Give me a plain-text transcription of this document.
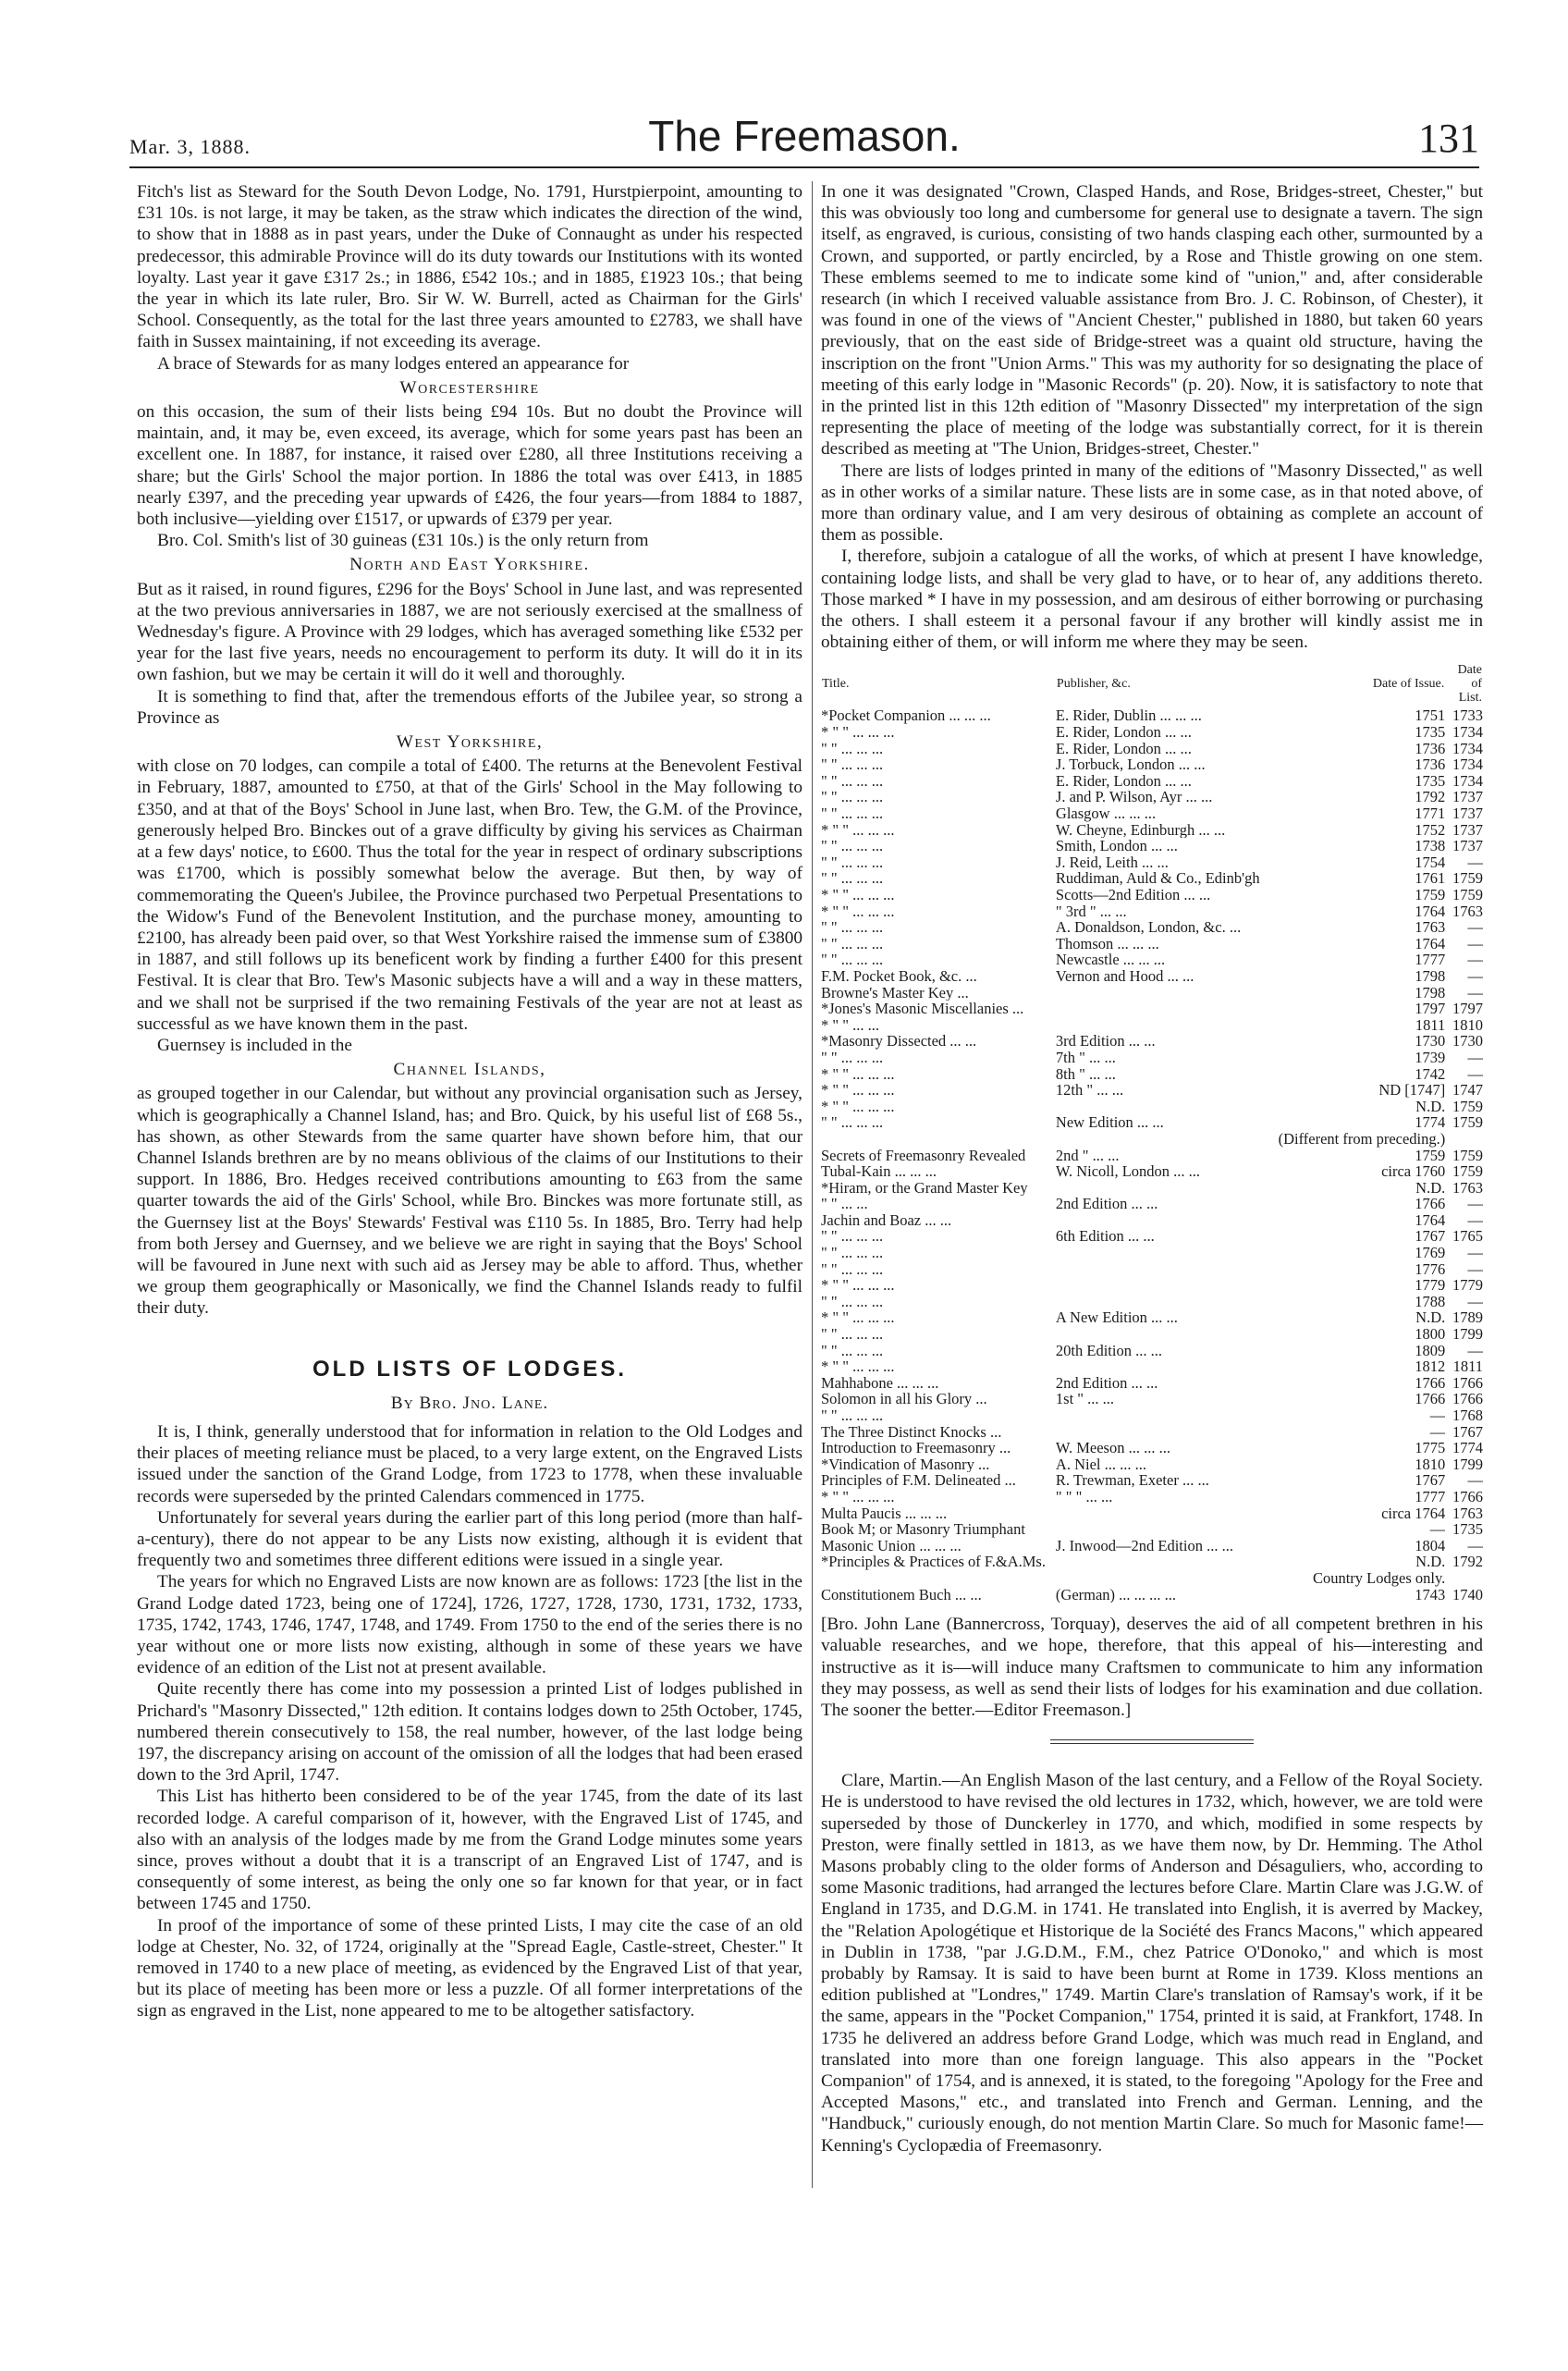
Mar. 3, 1888.	The Freemason.	131

Fitch's list as Steward for the South Devon Lodge, No. 1791, Hurstpierpoint, amounting to £31 10s. is not large, it may be taken, as the straw which indicates the direction of the wind, to show that in 1888 as in past years, under the Duke of Connaught as under his respected predecessor, this admirable Province will do its duty towards our Institutions with its wonted loyalty. Last year it gave £317 2s.; in 1886, £542 10s.; and in 1885, £1923 10s.; that being the year in which its late ruler, Bro. Sir W. W. Burrell, acted as Chairman for the Girls' School. Consequently, as the total for the last three years amounted to £2783, we shall have faith in Sussex maintaining, if not exceeding its average.

A brace of Stewards for as many lodges entered an appearance for

Worcestershire

on this occasion, the sum of their lists being £94 10s. But no doubt the Province will maintain, and, it may be, even exceed, its average, which for some years past has been an excellent one. In 1887, for instance, it raised over £280, all three Institutions receiving a share; but the Girls' School the major portion. In 1886 the total was over £413, in 1885 nearly £397, and the preceding year upwards of £426, the four years—from 1884 to 1887, both inclusive—yielding over £1517, or upwards of £379 per year.

Bro. Col. Smith's list of 30 guineas (£31 10s.) is the only return from

North and East Yorkshire.

But as it raised, in round figures, £296 for the Boys' School in June last, and was represented at the two previous anniversaries in 1887, we are not seriously exercised at the smallness of Wednesday's figure. A Province with 29 lodges, which has averaged something like £532 per year for the last five years, needs no encouragement to perform its duty. It will do it in its own fashion, but we may be certain it will do it well and thoroughly.

It is something to find that, after the tremendous efforts of the Jubilee year, so strong a Province as

West Yorkshire,

with close on 70 lodges, can compile a total of £400. The returns at the Benevolent Festival in February, 1887, amounted to £750, at that of the Girls' School in the May following to £350, and at that of the Boys' School in June last, when Bro. Tew, the G.M. of the Province, generously helped Bro. Binckes out of a grave difficulty by giving his services as Chairman at a few days' notice, to £600. Thus the total for the year in respect of ordinary subscriptions was £1700, which is possibly somewhat below the average. But then, by way of commemorating the Queen's Jubilee, the Province purchased two Perpetual Presentations to the Widow's Fund of the Benevolent Institution, and the purchase money, amounting to £2100, has already been paid over, so that West Yorkshire raised the immense sum of £3800 in 1887, and still follows up its beneficent work by finding a further £400 for this present Festival. It is clear that Bro. Tew's Masonic subjects have a will and a way in these matters, and we shall not be surprised if the two remaining Festivals of the year are not at least as successful as we have known them in the past.

Guernsey is included in the

Channel Islands,

as grouped together in our Calendar, but without any provincial organisation such as Jersey, which is geographically a Channel Island, has; and Bro. Quick, by his useful list of £68 5s., has shown, as other Stewards from the same quarter have shown before him, that our Channel Islands brethren are by no means oblivious of the claims of our Institutions to their support. In 1886, Bro. Hedges received contributions amounting to £63 from the same quarter towards the aid of the Girls' School, while Bro. Binckes was more fortunate still, as the Guernsey list at the Boys' Stewards' Festival was £110 5s. In 1885, Bro. Terry had help from both Jersey and Guernsey, and we believe we are right in saying that the Boys' School will be favoured in June next with such aid as Jersey may be able to afford. Thus, whether we group them geographically or Masonically, we find the Channel Islands ready to fulfil their duty.

OLD LISTS OF LODGES.
By Bro. Jno. Lane.

It is, I think, generally understood that for information in relation to the Old Lodges and their places of meeting reliance must be placed, to a very large extent, on the Engraved Lists issued under the sanction of the Grand Lodge, from 1723 to 1778, when these invaluable records were superseded by the printed Calendars commenced in 1775.

Unfortunately for several years during the earlier part of this long period (more than half-a-century), there do not appear to be any Lists now existing, although it is evident that frequently two and sometimes three different editions were issued in a single year.

The years for which no Engraved Lists are now known are as follows: 1723 [the list in the Grand Lodge dated 1723, being one of 1724], 1726, 1727, 1728, 1730, 1731, 1732, 1733, 1735, 1742, 1743, 1746, 1747, 1748, and 1749. From 1750 to the end of the series there is no year without one or more lists now existing, although in some of these years we have evidence of an edition of the List not at present available.

Quite recently there has come into my possession a printed List of lodges published in Prichard's "Masonry Dissected," 12th edition. It contains lodges down to 25th October, 1745, numbered therein consecutively to 158, the real number, however, of the last lodge being 197, the discrepancy arising on account of the omission of all the lodges that had been erased down to the 3rd April, 1747.

This List has hitherto been considered to be of the year 1745, from the date of its last recorded lodge. A careful comparison of it, however, with the Engraved List of 1745, and also with an analysis of the lodges made by me from the Grand Lodge minutes some years since, proves without a doubt that it is a transcript of an Engraved List of 1747, and is consequently of some interest, as being the only one so far known for that year, or in fact between 1745 and 1750.

In proof of the importance of some of these printed Lists, I may cite the case of an old lodge at Chester, No. 32, of 1724, originally at the "Spread Eagle, Castle-street, Chester." It removed in 1740 to a new place of meeting, as evidenced by the Engraved List of that year, but its place of meeting has been more or less a puzzle. Of all former interpretations of the sign as engraved in the List, none appeared to me to be altogether satisfactory.

In one it was designated "Crown, Clasped Hands, and Rose, Bridges-street, Chester," but this was obviously too long and cumbersome for general use to designate a tavern. The sign itself, as engraved, is curious, consisting of two hands clasping each other, surmounted by a Crown, and supported, or partly encircled, by a Rose and Thistle growing on one stem. These emblems seemed to me to indicate some kind of "union," and, after considerable research (in which I received valuable assistance from Bro. J. C. Robinson, of Chester), it was found in one of the views of "Ancient Chester," published in 1880, but taken 60 years previously, that on the east side of Bridge-street was a quaint old structure, having the inscription on the front "Union Arms." This was my authority for so designating the place of meeting of this early lodge in "Masonic Records" (p. 20). Now, it is satisfactory to note that in the printed list in this 12th edition of "Masonry Dissected" my interpretation of the sign representing the place of meeting of the lodge was substantially correct, for it is therein described as meeting at "The Union, Bridges-street, Chester."

There are lists of lodges printed in many of the editions of "Masonry Dissected," as well as in other works of a similar nature. These lists are in some case, as in that noted above, of more than ordinary value, and I am very desirous of obtaining as complete an account of them as possible.

I, therefore, subjoin a catalogue of all the works, of which at present I have knowledge, containing lodge lists, and shall be very glad to have, or to hear of, any additions thereto. Those marked * I have in my possession, and am desirous of either borrowing or purchasing the others. I shall esteem it a personal favour if any brother will kindly assist me in obtaining either of them, or will inform me where they may be seen.

Title.	Publisher, &c.	Date of Issue.	Date of List.
*Pocket Companion ... ... ...	E. Rider, Dublin ... ... ...	1751	1733
* " " ... ... ...	E. Rider, London ... ...	1735	1734
" " ... ... ...	E. Rider, London ... ...	1736	1734
" " ... ... ...	J. Torbuck, London ... ...	1736	1734
" " ... ... ...	E. Rider, London ... ...	1735	1734
" " ... ... ...	J. and P. Wilson, Ayr ... ...	1792	1737
" " ... ... ...	Glasgow ... ... ...	1771	1737
* " " ... ... ...	W. Cheyne, Edinburgh ... ...	1752	1737
" " ... ... ...	Smith, London ... ...	1738	1737
" " ... ... ...	J. Reid, Leith ... ...	1754	—
" " ... ... ...	Ruddiman, Auld & Co., Edinb'gh	1761	1759
* " " ... ... ...	Scotts—2nd Edition ... ...	1759	1759
* " " ... ... ...	" 3rd " ... ...	1764	1763
" " ... ... ...	A. Donaldson, London, &c. ...	1763	—
" " ... ... ...	Thomson ... ... ...	1764	—
" " ... ... ...	Newcastle ... ... ...	1777	—
F.M. Pocket Book, &c. ...	Vernon and Hood ... ...	1798	—
Browne's Master Key ...		1798	—
*Jones's Masonic Miscellanies ...		1797	1797
* " " ... ...		1811	1810
*Masonry Dissected ... ...	3rd Edition ... ...	1730	1730
" " ... ... ...	7th " ... ...	1739	—
* " " ... ... ...	8th " ... ...	1742	—
* " " ... ... ...	12th " ... ...	ND [1747]	1747
* " " ... ... ...		N.D.	1759
" " ... ... ...	New Edition ... ...	1774	1759
		(Different from preceding.)	
Secrets of Freemasonry Revealed	2nd " ... ...	1759	1759
Tubal-Kain ... ... ...	W. Nicoll, London ... ...	circa 1760	1759
*Hiram, or the Grand Master Key		N.D.	1763
" " ... ...	2nd Edition ... ...	1766	—
Jachin and Boaz ... ...		1764	—
" " ... ... ...	6th Edition ... ...	1767	1765
" " ... ... ...		1769	—
" " ... ... ...		1776	—
* " " ... ... ...		1779	1779
" " ... ... ...		1788	—
* " " ... ... ...	A New Edition ... ...	N.D.	1789
" " ... ... ...		1800	1799
" " ... ... ...	20th Edition ... ...	1809	—
* " " ... ... ...		1812	1811
Mahhabone ... ... ...	2nd Edition ... ...	1766	1766
Solomon in all his Glory ...	1st " ... ...	1766	1766
" " ... ... ...		—	1768
The Three Distinct Knocks ...		—	1767
Introduction to Freemasonry ...	W. Meeson ... ... ...	1775	1774
*Vindication of Masonry ...	A. Niel ... ... ...	1810	1799
Principles of F.M. Delineated ...	R. Trewman, Exeter ... ...	1767	—
* " " ... ... ...	" " " ... ...	1777	1766
Multa Paucis ... ... ...		circa 1764	1763
Book M; or Masonry Triumphant		—	1735
Masonic Union ... ... ...	J. Inwood—2nd Edition ... ...	1804	—
*Principles & Practices of F.&A.Ms.		N.D.	1792
		Country Lodges only.	
Constitutionem Buch ... ...	(German) ... ... ... ...	1743	1740

[Bro. John Lane (Bannercross, Torquay), deserves the aid of all competent brethren in his valuable researches, and we hope, therefore, that this appeal of his—interesting and instructive as it is—will induce many Craftsmen to communicate to him any information they may possess, as well as send their lists of lodges for his examination and due collation. The sooner the better.—Editor Freemason.]

Clare, Martin.—An English Mason of the last century, and a Fellow of the Royal Society. He is understood to have revised the old lectures in 1732, which, however, we are told were superseded by those of Dunckerley in 1770, and which, modified in some respects by Preston, were finally settled in 1813, as we have them now, by Dr. Hemming. The Athol Masons probably cling to the older forms of Anderson and Désaguliers, who, according to some Masonic traditions, had arranged the lectures before Clare. Martin Clare was J.G.W. of England in 1735, and D.G.M. in 1741. He translated into English, it is averred by Mackey, the "Relation Apologétique et Historique de la Société des Francs Macons," which appeared in Dublin in 1738, "par J.G.D.M., F.M., chez Patrice O'Donoko," and which is most probably by Ramsay. It is said to have been burnt at Rome in 1739. Kloss mentions an edition published at "Londres," 1749. Martin Clare's translation of Ramsay's work, if it be the same, appears in the "Pocket Companion," 1754, printed it is said, at Frankfort, 1748. In 1735 he delivered an address before Grand Lodge, which was much read in England, and translated into more than one foreign language. This also appears in the "Pocket Companion" of 1754, and is annexed, it is stated, to the foregoing "Apology for the Free and Accepted Masons," etc., and translated into French and German. Lenning, and the "Handbuck," curiously enough, do not mention Martin Clare. So much for Masonic fame!—Kenning's Cyclopædia of Freemasonry.
